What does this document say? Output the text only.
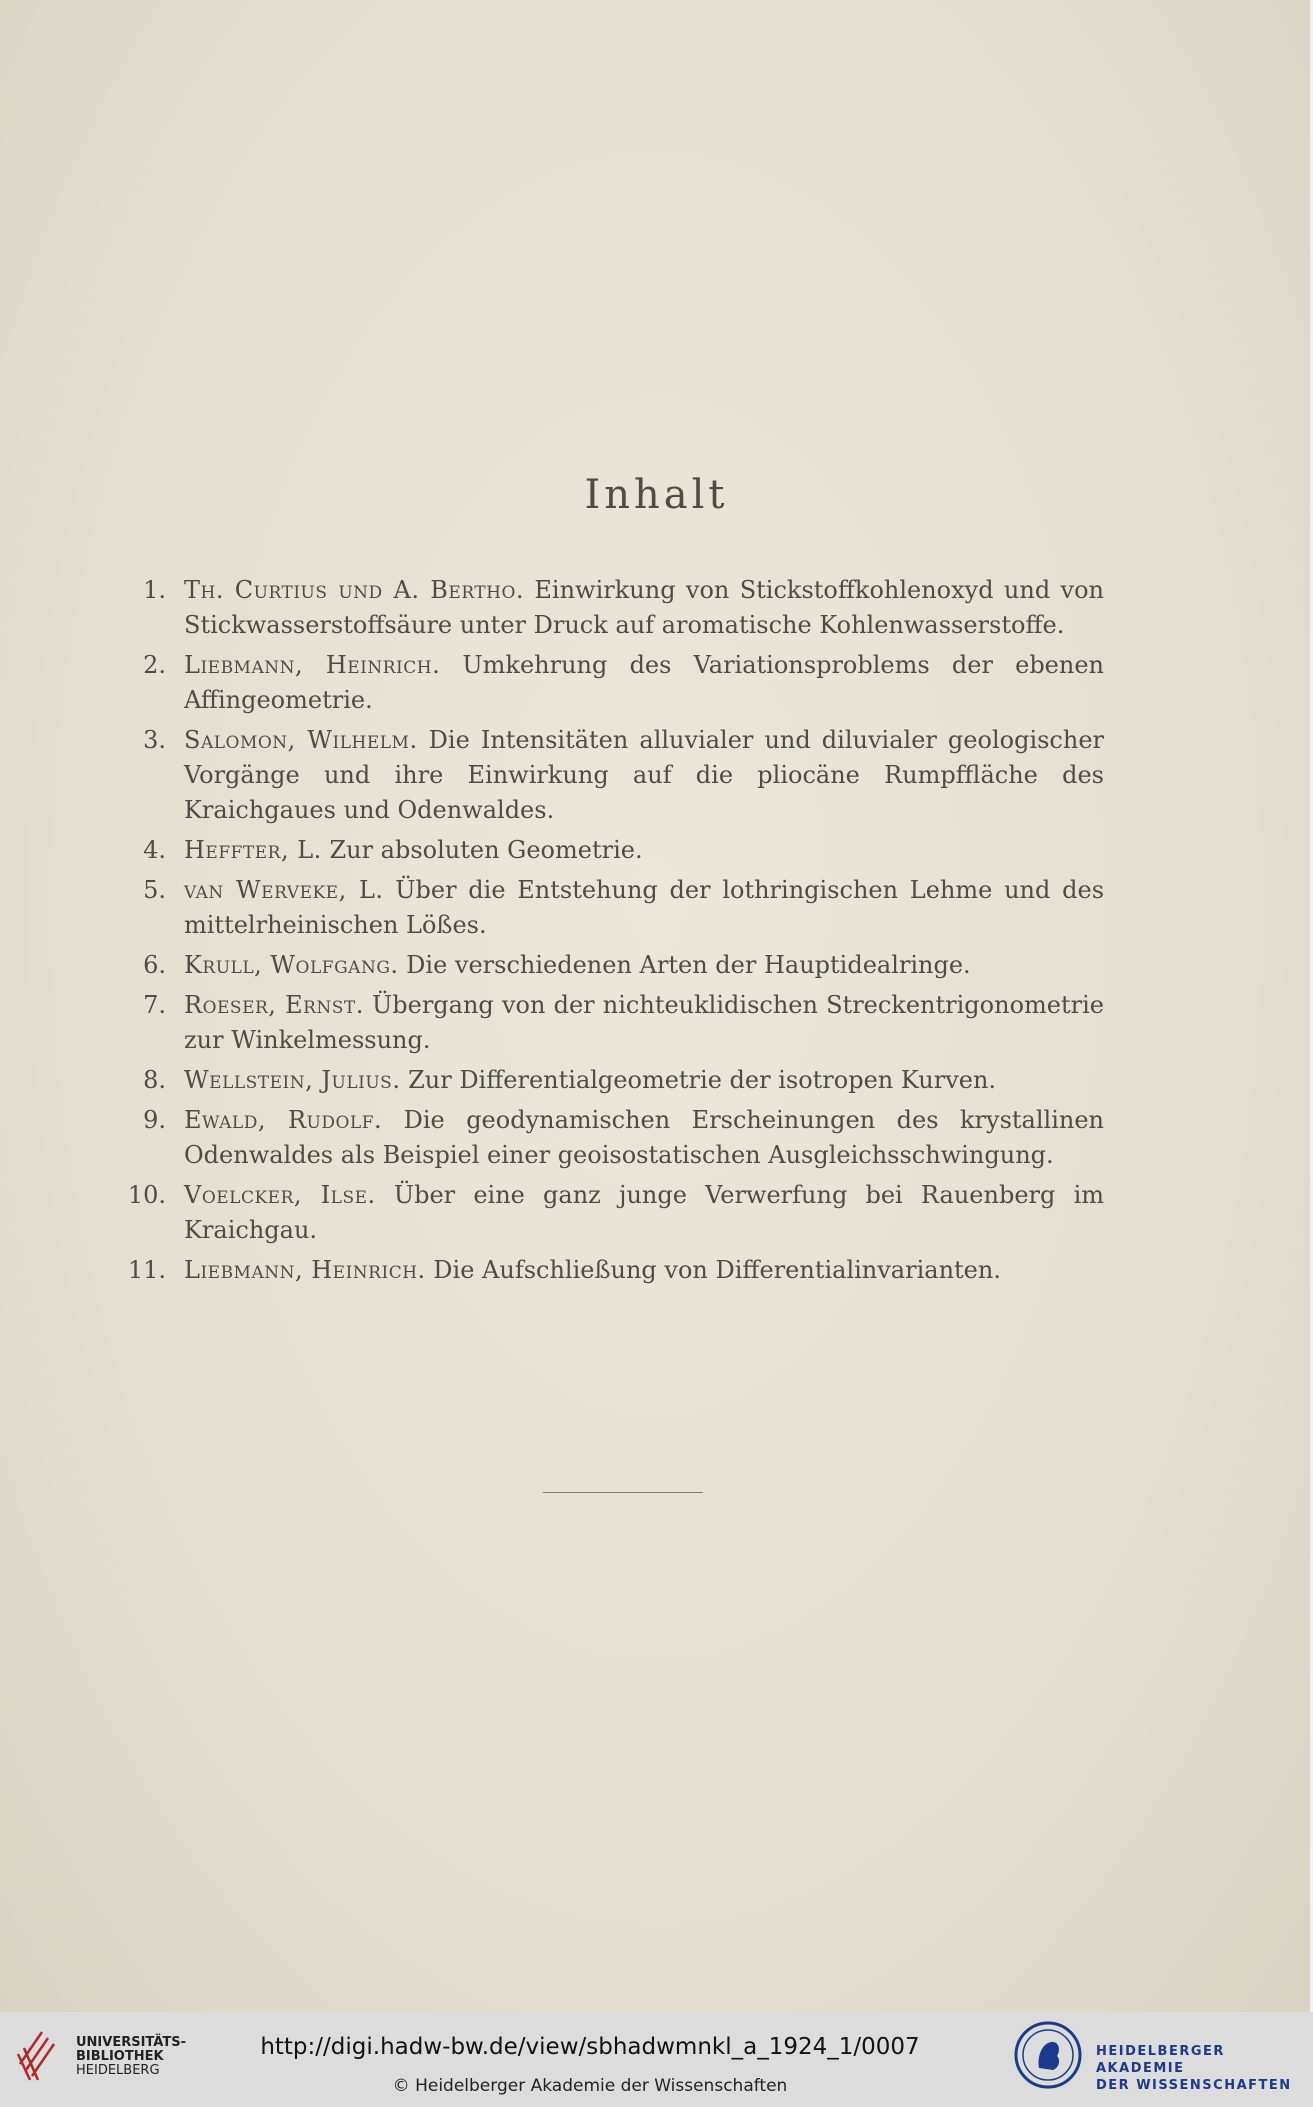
Inhalt
1. Th. Curtius und A. Bertho. Einwirkung von Stickstoffkohlenoxyd und von Stickwasserstoffsäure unter Druck auf aromatische Kohlenwasserstoffe.
2. Liebmann, Heinrich. Umkehrung des Variationsproblems der ebenen Affingeometrie.
3. Salomon, Wilhelm. Die Intensitäten alluvialer und diluvialer geologischer Vorgänge und ihre Einwirkung auf die pliocäne Rumpffläche des Kraichgaues und Odenwaldes.
4. Heffter, L. Zur absoluten Geometrie.
5. van Werveke, L. Über die Entstehung der lothringischen Lehme und des mittelrheinischen Lößes.
6. Krull, Wolfgang. Die verschiedenen Arten der Hauptidealringe.
7. Roeser, Ernst. Übergang von der nichteuklidischen Streckentrigonometrie zur Winkelmessung.
8. Wellstein, Julius. Zur Differentialgeometrie der isotropen Kurven.
9. Ewald, Rudolf. Die geodynamischen Erscheinungen des krystallinen Odenwaldes als Beispiel einer geoisostatischen Ausgleichsschwingung.
10. Voelcker, Ilse. Über eine ganz junge Verwerfung bei Rauenberg im Kraichgau.
11. Liebmann, Heinrich. Die Aufschließung von Differentialinvarianten.
UNIVERSITÄTS-
BIBLIOTHEK
HEIDELBERG
http://digi.hadw-bw.de/view/sbhadwmnkl_a_1924_1/0007
© Heidelberger Akademie der Wissenschaften
HEIDELBERGER AKADEMIE
DER WISSENSCHAFTEN
